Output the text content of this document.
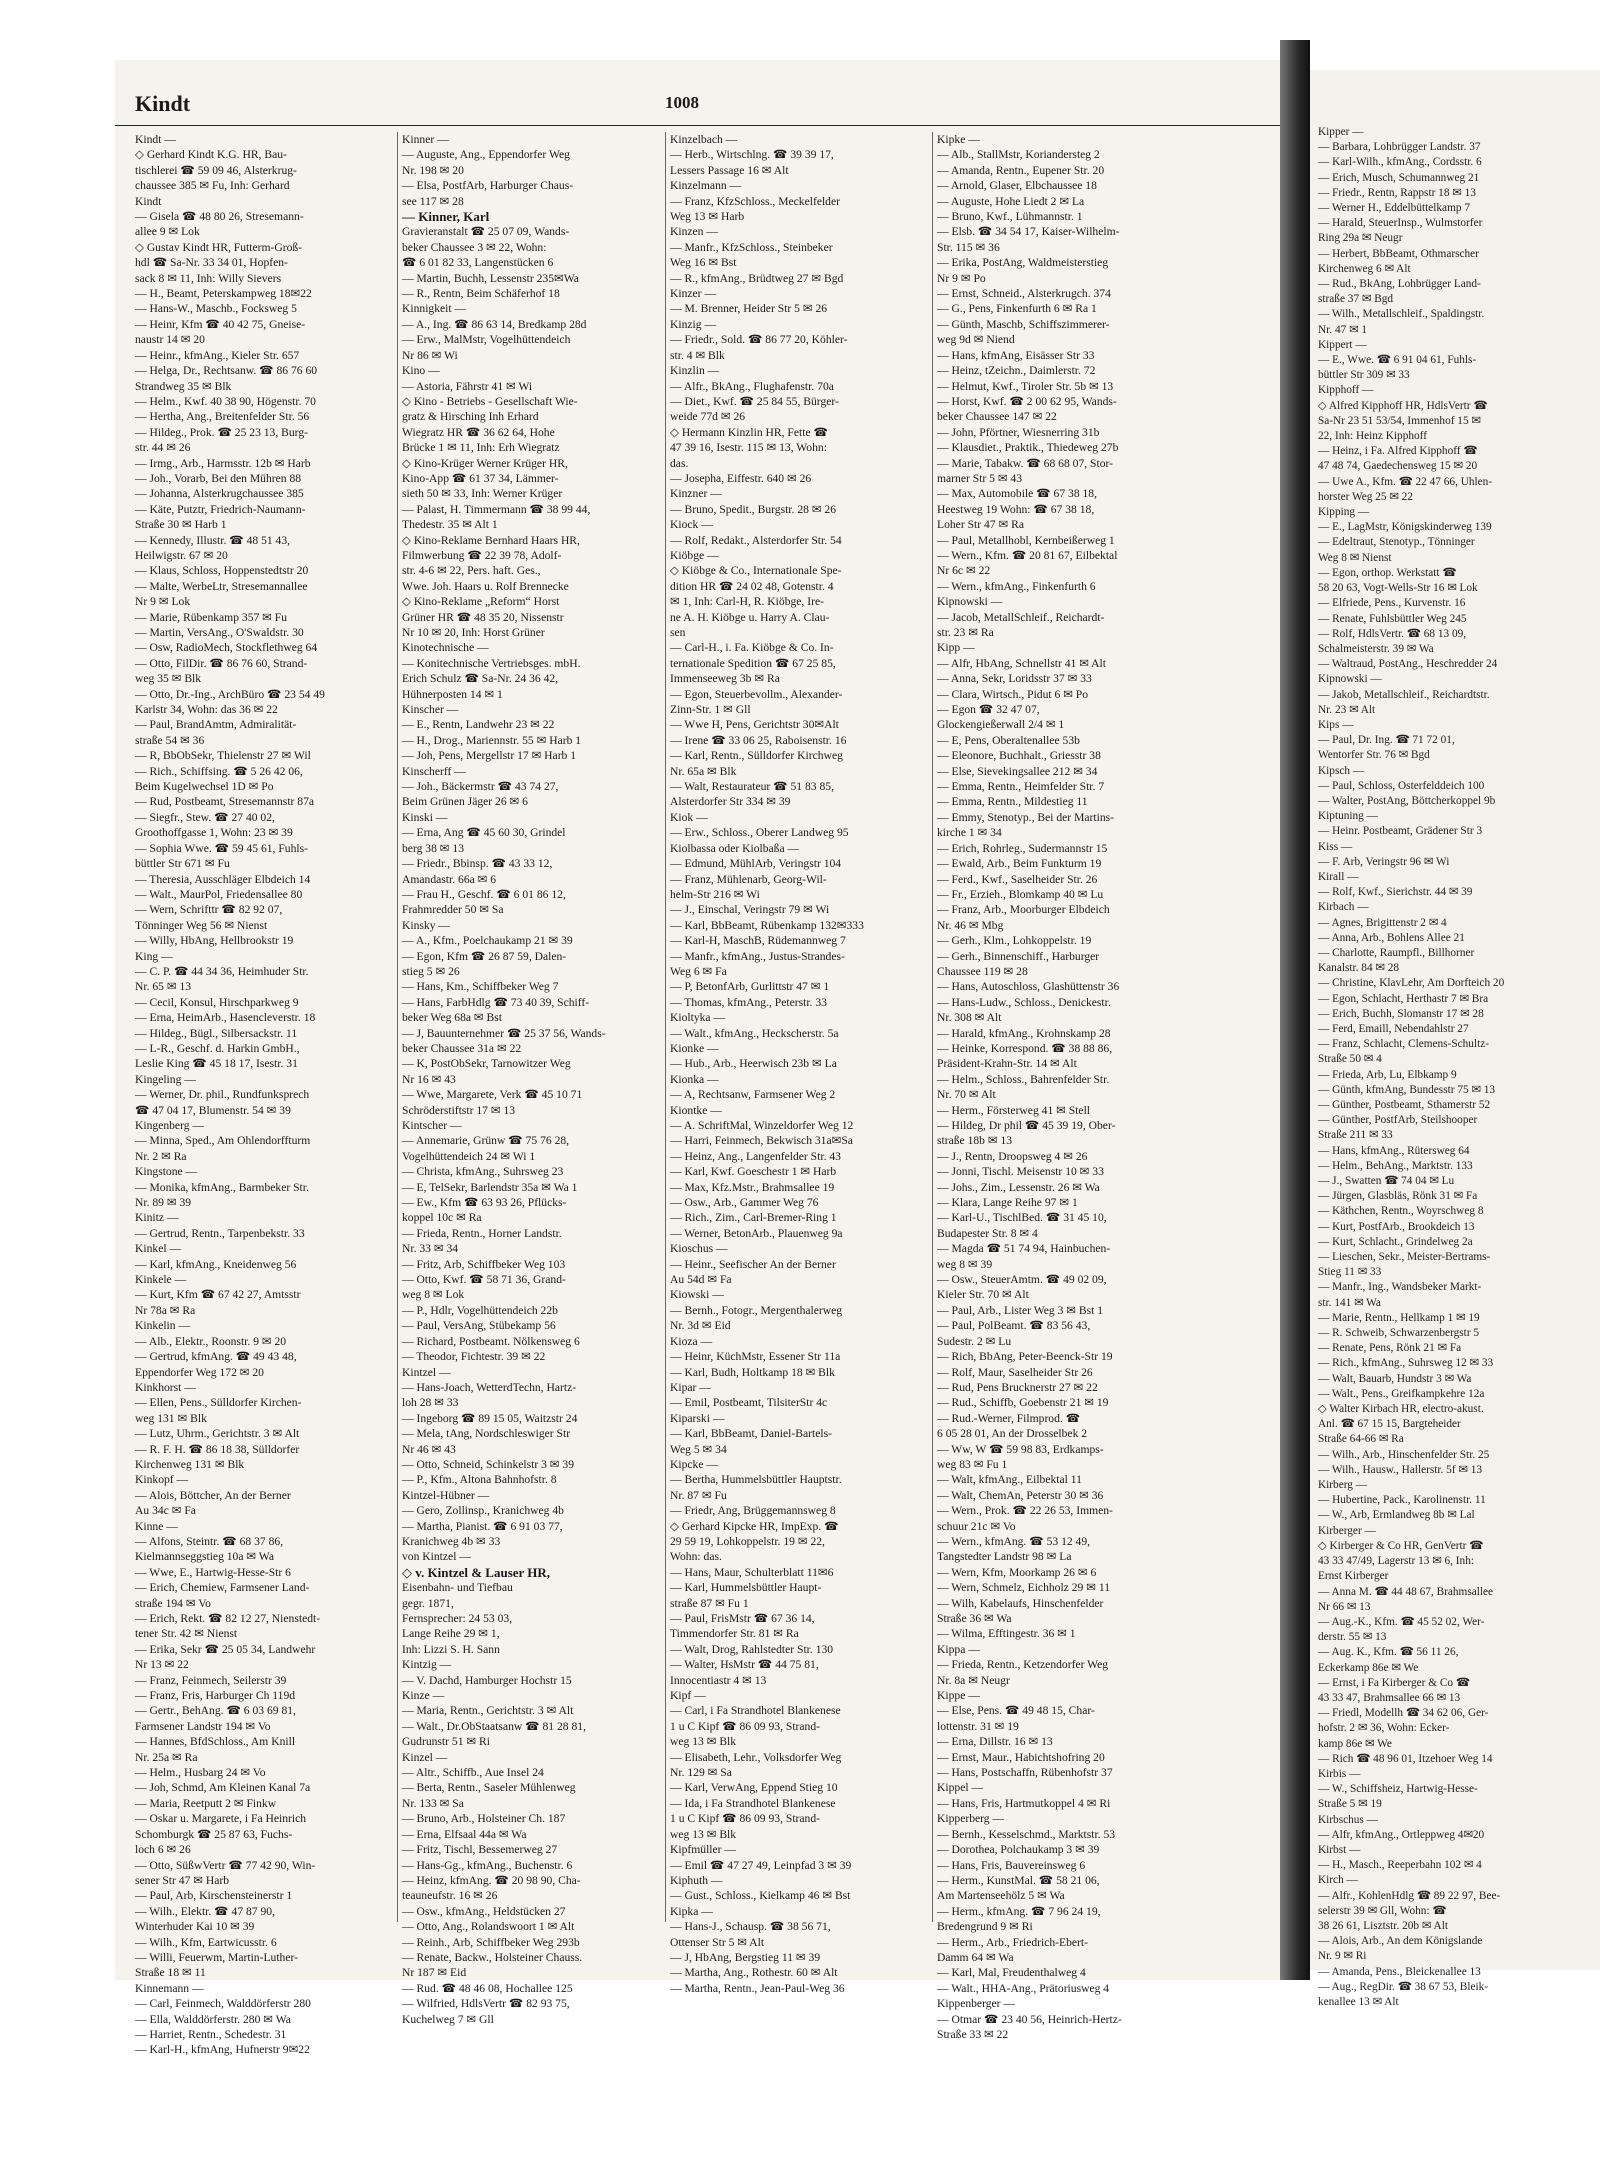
Kindt	1008
Kindt —
◇ Gerhard Kindt K.G. HR, Bau-
tischlerei ☎ 59 09 46, Alsterkrug-
chaussee 385 ✉ Fu, Inh: Gerhard
Kindt
— Gisela ☎ 48 80 26, Stresemann-
allee 9 ✉ Lok
◇ Gustav Kindt HR, Futterm-Groß-
hdl ☎ Sa-Nr. 33 34 01, Hopfen-
sack 8 ✉ 11, Inh: Willy Sievers
— H., Beamt, Peterskampweg 18✉22
— Hans-W., Maschb., Focksweg 5
— Heinr, Kfm ☎ 40 42 75, Gneise-
naustr 14 ✉ 20
— Heinr., kfmAng., Kieler Str. 657
— Helga, Dr., Rechtsanw. ☎ 86 76 60
Strandweg 35 ✉ Blk
— Helm., Kwf. 40 38 90, Högenstr. 70
— Hertha, Ang., Breitenfelder Str. 56
— Hildeg., Prok. ☎ 25 23 13, Burg-
str. 44 ✉ 26
— Irmg., Arb., Harmsstr. 12b ✉ Harb
— Joh., Vorarb, Bei den Mühren 88
— Johanna, Alsterkrugchaussee 385
— Käte, Putztr, Friedrich-Naumann-
Straße 30 ✉ Harb 1
— Kennedy, Illustr. ☎ 48 51 43,
Heilwigstr. 67 ✉ 20
— Klaus, Schloss, Hoppenstedtstr 20
— Malte, WerbeLtr, Stresemannallee
Nr 9 ✉ Lok
— Marie, Rübenkamp 357 ✉ Fu
— Martin, VersAng., O'Swaldstr. 30
— Osw, RadioMech, Stockflethweg 64
— Otto, FilDir. ☎ 86 76 60, Strand-
weg 35 ✉ Blk
— Otto, Dr.-Ing., ArchBüro ☎ 23 54 49
Karlstr 34, Wohn: das 36 ✉ 22
— Paul, BrandAmtm, Admiralität-
straße 54 ✉ 36
— R, BbObSekr, Thielenstr 27 ✉ Wil
— Rich., Schiffsing. ☎ 5 26 42 06,
Beim Kugelwechsel 1D ✉ Po
— Rud, Postbeamt, Stresemannstr 87a
— Siegfr., Stew. ☎ 27 40 02,
Groothoffgasse 1, Wohn: 23 ✉ 39
— Sophia Wwe. ☎ 59 45 61, Fuhls-
büttler Str 671 ✉ Fu
— Theresia, Ausschläger Elbdeich 14
— Walt., MaurPol, Friedensallee 80
— Wern, Schrifttr ☎ 82 92 07,
Tönninger Weg 56 ✉ Nienst
— Willy, HbAng, Hellbrookstr 19
King —
— C. P. ☎ 44 34 36, Heimhuder Str.
Nr. 65 ✉ 13
— Cecil, Konsul, Hirschparkweg 9
— Erna, HeimArb., Hasencleverstr. 18
— Hildeg., Bügl., Silbersackstr. 11
— L-R., Geschf. d. Harkin GmbH.,
Leslie King ☎ 45 18 17, Isestr. 31
Kingeling —
— Werner, Dr. phil., Rundfunksprech
☎ 47 04 17, Blumenstr. 54 ✉ 39
Kingenberg —
— Minna, Sped., Am Ohlendorffturm
Nr. 2 ✉ Ra
Kingstone —
— Monika, kfmAng., Barmbeker Str.
Nr. 89 ✉ 39
Kinitz —
— Gertrud, Rentn., Tarpenbekstr. 33
Kinkel —
— Karl, kfmAng., Kneidenweg 56
Kinkele —
— Kurt, Kfm ☎ 67 42 27, Amtsstr
Nr 78a ✉ Ra
Kinkelin —
— Alb., Elektr., Roonstr. 9 ✉ 20
— Gertrud, kfmAng. ☎ 49 43 48,
Eppendorfer Weg 172 ✉ 20
Kinkhorst —
— Ellen, Pens., Sülldorfer Kirchen-
weg 131 ✉ Blk
— Lutz, Uhrm., Gerichtstr. 3 ✉ Alt
— R. F. H. ☎ 86 18 38, Sülldorfer
Kirchenweg 131 ✉ Blk
Kinkopf —
— Alois, Böttcher, An der Berner
Au 34c ✉ Fa
Kinne —
— Alfons, Steintr. ☎ 68 37 86,
Kielmannseggstieg 10a ✉ Wa
— Wwe, E., Hartwig-Hesse-Str 6
— Erich, Chemiew, Farmsener Land-
straße 194 ✉ Vo
— Erich, Rekt. ☎ 82 12 27, Nienstedt-
tener Str. 42 ✉ Nienst
— Erika, Sekr ☎ 25 05 34, Landwehr
Nr 13 ✉ 22
— Franz, Feinmech, Seilerstr 39
— Franz, Fris, Harburger Ch 119d
— Gertr., BehAng. ☎ 6 03 69 81,
Farmsener Landstr 194 ✉ Vo
— Hannes, BfdSchloss., Am Knill
Nr. 25a ✉ Ra
— Helm., Husbarg 24 ✉ Vo
— Joh, Schmd, Am Kleinen Kanal 7a
— Maria, Reetputt 2 ✉ Finkw
— Oskar u. Margarete, i Fa Heinrich
Schomburgk ☎ 25 87 63, Fuchs-
loch 6 ✉ 26
— Otto, SüßwVertr ☎ 77 42 90, Win-
sener Str 47 ✉ Harb
— Paul, Arb, Kirschensteinerstr 1
— Wilh., Elektr. ☎ 47 87 90,
Winterhuder Kai 10 ✉ 39
— Wilh., Kfm, Eartwicusstr. 6
— Willi, Feuerwm, Martin-Luther-
Straße 18 ✉ 11
Kinnemann —
— Carl, Feinmech, Walddörferstr 280
— Ella, Walddörferstr. 280 ✉ Wa
— Harriet, Rentn., Schedestr. 31
— Karl-H., kfmAng, Hufnerstr 9✉22
Kinner —
— Auguste, Ang., Eppendorfer Weg
Nr. 198 ✉ 20
— Elsa, PostfArb, Harburger Chaus-
see 117 ✉ 28
— Kinner, Karl
Gravieranstalt ☎ 25 07 09, Wands-
beker Chaussee 3 ✉ 22, Wohn:
☎ 6 01 82 33, Langenstücken 6
— Martin, Buchh, Lessenstr 235✉Wa
— R., Rentn, Beim Schäferhof 18
Kinnigkeit —
— A., Ing. ☎ 86 63 14, Bredkamp 28d
— Erw., MalMstr, Vogelhüttendeich
Nr 86 ✉ Wi
Kino —
— Astoria, Fährstr 41 ✉ Wi
◇ Kino - Betriebs - Gesellschaft Wie-
gratz & Hirsching Inh Erhard
Wiegratz HR ☎ 36 62 64, Hohe
Brücke 1 ✉ 11, Inh: Erh Wiegratz
◇ Kino-Krüger Werner Krüger HR,
Kino-App ☎ 61 37 34, Lämmer-
sieth 50 ✉ 33, Inh: Werner Krüger
— Palast, H. Timmermann ☎ 38 99 44,
Thedestr. 35 ✉ Alt 1
◇ Kino-Reklame Bernhard Haars HR,
Filmwerbung ☎ 22 39 78, Adolf-
str. 4-6 ✉ 22, Pers. haft. Ges.,
Wwe. Joh. Haars u. Rolf Brennecke
◇ Kino-Reklame „Reform“ Horst
Grüner HR ☎ 48 35 20, Nissenstr
Nr 10 ✉ 20, Inh: Horst Grüner
Kinotechnische —
— Konitechnische Vertriebsges. mbH.
Erich Schulz ☎ Sa-Nr. 24 36 42,
Hühnerposten 14 ✉ 1
Kinscher —
— E., Rentn, Landwehr 23 ✉ 22
— H., Drog., Mariennstr. 55 ✉ Harb 1
— Joh, Pens, Mergellstr 17 ✉ Harb 1
Kinscherff —
— Joh., Bäckermstr ☎ 43 74 27,
Beim Grünen Jäger 26 ✉ 6
Kinski —
— Erna, Ang ☎ 45 60 30, Grindel
berg 38 ✉ 13
— Friedr., Bbinsp. ☎ 43 33 12,
Amandastr. 66a ✉ 6
— Frau H., Geschf. ☎ 6 01 86 12,
Frahmredder 50 ✉ Sa
Kinsky —
— A., Kfm., Poelchaukamp 21 ✉ 39
— Egon, Kfm ☎ 26 87 59, Dalen-
stieg 5 ✉ 26
— Hans, Km., Schiffbeker Weg 7
— Hans, FarbHdlg ☎ 73 40 39, Schiff-
beker Weg 68a ✉ Bst
— J, Bauunternehmer ☎ 25 37 56, Wands-
beker Chaussee 31a ✉ 22
— K, PostObSekr, Tarnowitzer Weg
Nr 16 ✉ 43
— Wwe, Margarete, Verk ☎ 45 10 71
Schröderstiftstr 17 ✉ 13
Kintscher —
— Annemarie, Grünw ☎ 75 76 28,
Vogelhüttendeich 24 ✉ Wi 1
— Christa, kfmAng., Suhrsweg 23
— E, TelSekr, Barlendstr 35a ✉ Wa 1
— Ew., Kfm ☎ 63 93 26, Pflücks-
koppel 10c ✉ Ra
— Frieda, Rentn., Horner Landstr.
Nr. 33 ✉ 34
— Fritz, Arb, Schiffbeker Weg 103
— Otto, Kwf. ☎ 58 71 36, Grand-
weg 8 ✉ Lok
— P., Hdlr, Vogelhüttendeich 22b
— Paul, VersAng, Stübekamp 56
— Richard, Postbeamt. Nölkensweg 6
— Theodor, Fichtestr. 39 ✉ 22
Kintzel —
— Hans-Joach, WetterdTechn, Hartz-
loh 28 ✉ 33
— Ingeborg ☎ 89 15 05, Waitzstr 24
— Mela, tAng, Nordschleswiger Str
Nr 46 ✉ 43
— Otto, Schneid, Schinkelstr 3 ✉ 39
— P., Kfm., Altona Bahnhofstr. 8
Kintzel-Hübner —
— Gero, Zollinsp., Kranichweg 4b
— Martha, Pianist. ☎ 6 91 03 77,
Kranichweg 4b ✉ 33
von Kintzel —
◇ v. Kintzel & Lauser HR,
Eisenbahn- und Tiefbau
gegr. 1871,
Fernsprecher: 24 53 03,
Lange Reihe 29 ✉ 1,
Inh: Lizzi S. H. Sann
Kintzig —
— V. Dachd, Hamburger Hochstr 15
Kinze —
— Maria, Rentn., Gerichtstr. 3 ✉ Alt
— Walt., Dr.ObStaatsanw ☎ 81 28 81,
Gudrunstr 51 ✉ Ri
Kinzel —
— Altr., Schiffb., Aue Insel 24
— Berta, Rentn., Saseler Mühlenweg
Nr. 133 ✉ Sa
— Bruno, Arb., Holsteiner Ch. 187
— Erna, Elfsaal 44a ✉ Wa
— Fritz, Tischl, Bessemerweg 27
— Hans-Gg., kfmAng., Buchenstr. 6
— Heinz, kfmAng. ☎ 20 98 90, Cha-
teauneufstr. 16 ✉ 26
— Osw., kfmAng., Heldstücken 27
— Otto, Ang., Rolandswoort 1 ✉ Alt
— Reinh., Arb, Schiffbeker Weg 293b
— Renate, Backw., Holsteiner Chauss.
Nr 187 ✉ Eid
— Rud. ☎ 48 46 08, Hochallee 125
— Wilfried, HdlsVertr ☎ 82 93 75,
Kuchelweg 7 ✉ Gll
Kinzelbach —
— Herb., Wirtschlng. ☎ 39 39 17,
Lessers Passage 16 ✉ Alt
Kinzelmann —
— Franz, KfzSchloss., Meckelfelder
Weg 13 ✉ Harb
Kinzen —
— Manfr., KfzSchloss., Steinbeker
Weg 16 ✉ Bst
— R., kfmAng., Brüdtweg 27 ✉ Bgd
Kinzer —
— M. Brenner, Heider Str 5 ✉ 26
Kinzig —
— Friedr., Sold. ☎ 86 77 20, Köhler-
str. 4 ✉ Blk
Kinzlin —
— Alfr., BkAng., Flughafenstr. 70a
— Diet., Kwf. ☎ 25 84 55, Bürger-
weide 77d ✉ 26
◇ Hermann Kinzlin HR, Fette ☎
47 39 16, Isestr. 115 ✉ 13, Wohn:
das.
— Josepha, Eiffestr. 640 ✉ 26
Kinzner —
— Bruno, Spedit., Burgstr. 28 ✉ 26
Kiock —
— Rolf, Redakt., Alsterdorfer Str. 54
Kiöbge —
◇ Kiöbge & Co., Internationale Spe-
dition HR ☎ 24 02 48, Gotenstr. 4
✉ 1, Inh: Carl-H, R. Kiöbge, Ire-
ne A. H. Kiöbge u. Harry A. Clau-
sen
— Carl-H., i. Fa. Kiöbge & Co. In-
ternationale Spedition ☎ 67 25 85,
Immenseeweg 3b ✉ Ra
— Egon, Steuerbevollm., Alexander-
Zinn-Str. 1 ✉ Gll
— Wwe H, Pens, Gerichtstr 30✉Alt
— Irene ☎ 33 06 25, Raboisenstr. 16
— Karl, Rentn., Sülldorfer Kirchweg
Nr. 65a ✉ Blk
— Walt, Restaurateur ☎ 51 83 85,
Alsterdorfer Str 334 ✉ 39
Kiok —
— Erw., Schloss., Oberer Landweg 95
Kiolbassa oder Kiolbaßa —
— Edmund, MühlArb, Veringstr 104
— Franz, Mühlenarb, Georg-Wil-
helm-Str 216 ✉ Wi
— J., Einschal, Veringstr 79 ✉ Wi
— Karl, BbBeamt, Rübenkamp 132✉333
— Karl-H, MaschB, Rüdemannweg 7
— Manfr., kfmAng., Justus-Strandes-
Weg 6 ✉ Fa
— P, BetonfArb, Gurlittstr 47 ✉ 1
— Thomas, kfmAng., Peterstr. 33
Kioltyka —
— Walt., kfmAng., Heckscherstr. 5a
Kionke —
— Hub., Arb., Heerwisch 23b ✉ La
Kionka —
— A, Rechtsanw, Farmsener Weg 2
Kiontke —
— A. SchriftMal, Winzeldorfer Weg 12
— Harri, Feinmech, Bekwisch 31a✉Sa
— Heinz, Ang., Langenfelder Str. 43
— Karl, Kwf. Goeschestr 1 ✉ Harb
— Max, Kfz.Mstr., Brahmsallee 19
— Osw., Arb., Gammer Weg 76
— Rich., Zim., Carl-Bremer-Ring 1
— Werner, BetonArb., Plauenweg 9a
Kioschus —
— Heinr., Seefischer An der Berner
Au 54d ✉ Fa
Kiowski —
— Bernh., Fotogr., Mergenthalerweg
Nr. 3d ✉ Eid
Kioza —
— Heinr, KüchMstr, Essener Str 11a
— Karl, Budh, Holtkamp 18 ✉ Blk
Kipar —
— Emil, Postbeamt, TilsiterStr 4c
Kiparski —
— Karl, BbBeamt, Daniel-Bartels-
Weg 5 ✉ 34
Kipcke —
— Bertha, Hummelsbüttler Hauptstr.
Nr. 87 ✉ Fu
— Friedr, Ang, Brüggemannsweg 8
◇ Gerhard Kipcke HR, ImpExp. ☎
29 59 19, Lohkoppelstr. 19 ✉ 22,
Wohn: das.
— Hans, Maur, Schulterblatt 11✉6
— Karl, Hummelsbüttler Haupt-
straße 87 ✉ Fu 1
— Paul, FrisMstr ☎ 67 36 14,
Timmendorfer Str. 81 ✉ Ra
— Walt, Drog, Rahlstedter Str. 130
— Walter, HsMstr ☎ 44 75 81,
Innocentiastr 4 ✉ 13
Kipf —
— Carl, i Fa Strandhotel Blankenese
1 u C Kipf ☎ 86 09 93, Strand-
weg 13 ✉ Blk
— Elisabeth, Lehr., Volksdorfer Weg
Nr. 129 ✉ Sa
— Karl, VerwAng, Eppend Stieg 10
— Ida, i Fa Strandhotel Blankenese
1 u C Kipf ☎ 86 09 93, Strand-
weg 13 ✉ Blk
Kipfmüller —
— Emil ☎ 47 27 49, Leinpfad 3 ✉ 39
Kiphuth —
— Gust., Schloss., Kielkamp 46 ✉ Bst
Kipka —
— Hans-J., Schausp. ☎ 38 56 71,
Ottenser Str 5 ✉ Alt
— J, HbAng, Bergstieg 11 ✉ 39
— Martha, Ang., Rothestr. 60 ✉ Alt
— Martha, Rentn., Jean-Paul-Weg 36
Kipke —
— Alb., StallMstr, Koriandersteg 2
— Amanda, Rentn., Eupener Str. 20
— Arnold, Glaser, Elbchaussee 18
— Auguste, Hohe Liedt 2 ✉ La
— Bruno, Kwf., Lühmannstr. 1
— Elsb. ☎ 34 54 17, Kaiser-Wilhelm-
Str. 115 ✉ 36
— Erika, PostAng, Waldmeisterstieg
Nr 9 ✉ Po
— Ernst, Schneid., Alsterkrugch. 374
— G., Pens, Finkenfurth 6 ✉ Ra 1
— Günth, Maschb, Schiffszimmerer-
weg 9d ✉ Niend
— Hans, kfmAng, Eisässer Str 33
— Heinz, tZeichn., Daimlerstr. 72
— Helmut, Kwf., Tiroler Str. 5b ✉ 13
— Horst, Kwf. ☎ 2 00 62 95, Wands-
beker Chaussee 147 ✉ 22
— John, Pförtner, Wiesnerring 31b
— Klausdiet., Praktik., Thiedeweg 27b
— Marie, Tabakw. ☎ 68 68 07, Stor-
marner Str 5 ✉ 43
— Max, Automobile ☎ 67 38 18,
Heestweg 19 Wohn: ☎ 67 38 18,
Loher Str 47 ✉ Ra
— Paul, Metallhobl, Kernbeißerweg 1
— Wern., Kfm. ☎ 20 81 67, Eilbektal
Nr 6c ✉ 22
— Wern., kfmAng., Finkenfurth 6
Kipnowski —
— Jacob, MetallSchleif., Reichardt-
str. 23 ✉ Ra
Kipp —
— Alfr, HbAng, Schnellstr 41 ✉ Alt
— Anna, Sekr, Loridsstr 37 ✉ 33
— Clara, Wirtsch., Pidut 6 ✉ Po
— Egon ☎ 32 47 07,
Glockengießerwall 2/4 ✉ 1
— E, Pens, Oberaltenallee 53b
— Eleonore, Buchhalt., Griesstr 38
— Else, Sievekingsallee 212 ✉ 34
— Emma, Rentn., Heimfelder Str. 7
— Emma, Rentn., Mildestieg 11
— Emmy, Stenotyp., Bei der Martins-
kirche 1 ✉ 34
— Erich, Rohrleg., Sudermannstr 15
— Ewald, Arb., Beim Funkturm 19
— Ferd., Kwf., Saselheider Str. 26
— Fr., Erzieh., Blomkamp 40 ✉ Lu
— Franz, Arb., Moorburger Elbdeich
Nr. 46 ✉ Mbg
— Gerh., Klm., Lohkoppelstr. 19
— Gerh., Binnenschiff., Harburger
Chaussee 119 ✉ 28
— Hans, Autoschloss, Glashüttenstr 36
— Hans-Ludw., Schloss., Denickestr.
Nr. 308 ✉ Alt
— Harald, kfmAng., Krohnskamp 28
— Heinke, Korrespond. ☎ 38 88 86,
Präsident-Krahn-Str. 14 ✉ Alt
— Helm., Schloss., Bahrenfelder Str.
Nr. 70 ✉ Alt
— Herm., Försterweg 41 ✉ Stell
— Hildeg, Dr phil ☎ 45 39 19, Ober-
straße 18b ✉ 13
— J., Rentn, Droopsweg 4 ✉ 26
— Jonni, Tischl. Meisenstr 10 ✉ 33
— Johs., Zim., Lessenstr. 26 ✉ Wa
— Klara, Lange Reihe 97 ✉ 1
— Karl-U., TischlBed. ☎ 31 45 10,
Budapester Str. 8 ✉ 4
— Magda ☎ 51 74 94, Hainbuchen-
weg 8 ✉ 39
— Osw., SteuerAmtm. ☎ 49 02 09,
Kieler Str. 70 ✉ Alt
— Paul, Arb., Lister Weg 3 ✉ Bst 1
— Paul, PolBeamt. ☎ 83 56 43,
Sudestr. 2 ✉ Lu
— Rich, BbAng, Peter-Beenck-Str 19
— Rolf, Maur, Saselheider Str 26
— Rud, Pens Brucknerstr 27 ✉ 22
— Rud., Schiffb, Goebenstr 21 ✉ 19
— Rud.-Werner, Filmprod. ☎
6 05 28 01, An der Drosselbek 2
— Ww, W ☎ 59 98 83, Erdkamps-
weg 83 ✉ Fu 1
— Walt, kfmAng., Eilbektal 11
— Walt, ChemAn, Peterstr 30 ✉ 36
— Wern., Prok. ☎ 22 26 53, Immen-
schuur 21c ✉ Vo
— Wern., kfmAng. ☎ 53 12 49,
Tangstedter Landstr 98 ✉ La
— Wern, Kfm, Moorkamp 26 ✉ 6
— Wern, Schmelz, Eichholz 29 ✉ 11
— Wilh, Kabelaufs, Hinschenfelder
Straße 36 ✉ Wa
— Wilma, Efftingestr. 36 ✉ 1
Kippa —
— Frieda, Rentn., Ketzendorfer Weg
Nr. 8a ✉ Neugr
Kippe —
— Else, Pens. ☎ 49 48 15, Char-
lottenstr. 31 ✉ 19
— Erna, Dillstr. 16 ✉ 13
— Ernst, Maur., Habichtshofring 20
— Hans, Postschaffn, Rübenhofstr 37
Kippel —
— Hans, Fris, Hartmutkoppel 4 ✉ Ri
Kipperberg —
— Bernh., Kesselschmd., Marktstr. 53
— Dorothea, Polchaukamp 3 ✉ 39
— Hans, Fris, Bauvereinsweg 6
— Herm., KunstMal. ☎ 58 21 06,
Am Martenseehölz 5 ✉ Wa
— Herm., kfmAng. ☎ 7 96 24 19,
Bredengrund 9 ✉ Ri
— Herm., Arb., Friedrich-Ebert-
Damm 64 ✉ Wa
— Karl, Mal, Freudenthalweg 4
— Walt., HHA-Ang., Prätoriusweg 4
Kippenberger —
— Otmar ☎ 23 40 56, Heinrich-Hertz-
Straße 33 ✉ 22
Kipper —
— Barbara, Lohbrügger Landstr. 37
— Karl-Wilh., kfmAng., Cordsstr. 6
— Erich, Musch, Schumannweg 21
— Friedr., Rentn, Rappstr 18 ✉ 13
— Werner H., Eddelbüttelkamp 7
— Harald, SteuerInsp., Wulmstorfer
Ring 29a ✉ Neugr
— Herbert, BbBeamt, Othmarscher
Kirchenweg 6 ✉ Alt
— Rud., BkAng, Lohbrügger Land-
straße 37 ✉ Bgd
— Wilh., Metallschleif., Spaldingstr.
Nr. 47 ✉ 1
Kippert —
— E., Wwe. ☎ 6 91 04 61, Fuhls-
büttler Str 309 ✉ 33
Kipphoff —
◇ Alfred Kipphoff HR, HdlsVertr ☎
Sa-Nr 23 51 53/54, Immenhof 15 ✉
22, Inh: Heinz Kipphoff
— Heinz, i Fa. Alfred Kipphoff ☎
47 48 74, Gaedechensweg 15 ✉ 20
— Uwe A., Kfm. ☎ 22 47 66, Uhlen-
horster Weg 25 ✉ 22
Kipping —
— E., LagMstr, Königskinderweg 139
— Edeltraut, Stenotyp., Tönninger
Weg 8 ✉ Nienst
— Egon, orthop. Werkstatt ☎
58 20 63, Vogt-Wells-Str 16 ✉ Lok
— Elfriede, Pens., Kurvenstr. 16
— Renate, Fuhlsbüttler Weg 245
— Rolf, HdlsVertr. ☎ 68 13 09,
Schalmeisterstr. 39 ✉ Wa
— Waltraud, PostAng., Heschredder 24
Kipnowski —
— Jakob, Metallschleif., Reichardtstr.
Nr. 23 ✉ Alt
Kips —
— Paul, Dr. Ing. ☎ 71 72 01,
Wentorfer Str. 76 ✉ Bgd
Kipsch —
— Paul, Schloss, Osterfelddeich 100
— Walter, PostAng, Böttcherkoppel 9b
Kiptuning —
— Heinr. Postbeamt, Grädener Str 3
Kiss —
— F. Arb, Veringstr 96 ✉ Wi
Kirall —
— Rolf, Kwf., Sierichstr. 44 ✉ 39
Kirbach —
— Agnes, Brigittenstr 2 ✉ 4
— Anna, Arb., Bohlens Allee 21
— Charlotte, Raumpfl., Billhorner
Kanalstr. 84 ✉ 28
— Christine, KlavLehr, Am Dorfteich 20
— Egon, Schlacht, Herthastr 7 ✉ Bra
— Erich, Buchh, Slomanstr 17 ✉ 28
— Ferd, Emaill, Nebendahlstr 27
— Franz, Schlacht, Clemens-Schultz-
Straße 50 ✉ 4
— Frieda, Arb, Lu, Elbkamp 9
— Günth, kfmAng, Bundesstr 75 ✉ 13
— Günther, Postbeamt, Sthamerstr 52
— Günther, PostfArb, Steilshooper
Straße 211 ✉ 33
— Hans, kfmAng., Rütersweg 64
— Helm., BehAng., Marktstr. 133
— J., Swatten ☎ 74 04 ✉ Lu
— Jürgen, Glasbläs, Rönk 31 ✉ Fa
— Käthchen, Rentn., Woyrschweg 8
— Kurt, PostfArb., Brookdeich 13
— Kurt, Schlacht., Grindelweg 2a
— Lieschen, Sekr., Meister-Bertrams-
Stieg 11 ✉ 33
— Manfr., Ing., Wandsbeker Markt-
str. 141 ✉ Wa
— Marie, Rentn., Hellkamp 1 ✉ 19
— R. Schweib, Schwarzenbergstr 5
— Renate, Pens, Rönk 21 ✉ Fa
— Rich., kfmAng., Suhrsweg 12 ✉ 33
— Walt, Bauarb, Hundstr 3 ✉ Wa
— Walt., Pens., Greifkampkehre 12a
◇ Walter Kirbach HR, electro-akust.
Anl. ☎ 67 15 15, Bargteheider
Straße 64-66 ✉ Ra
— Wilh., Arb., Hinschenfelder Str. 25
— Wilh., Hausw., Hallerstr. 5f ✉ 13
Kirberg —
— Hubertine, Pack., Karolinenstr. 11
— W., Arb, Ermlandweg 8b ✉ Lal
Kirberger —
◇ Kirberger & Co HR, GenVertr ☎
43 33 47/49, Lagerstr 13 ✉ 6, Inh:
Ernst Kirberger
— Anna M. ☎ 44 48 67, Brahmsallee
Nr 66 ✉ 13
— Aug.-K., Kfm. ☎ 45 52 02, Wer-
derstr. 55 ✉ 13
— Aug. K., Kfm. ☎ 56 11 26,
Eckerkamp 86e ✉ We
— Ernst, i Fa Kirberger & Co ☎
43 33 47, Brahmsallee 66 ✉ 13
— Friedl, Modellh ☎ 34 62 06, Ger-
hofstr. 2 ✉ 36, Wohn: Ecker-
kamp 86e ✉ We
— Rich ☎ 48 96 01, Itzehoer Weg 14
Kirbis —
— W., Schiffsheiz, Hartwig-Hesse-
Straße 5 ✉ 19
Kirbschus —
— Alfr, kfmAng., Ortleppweg 4✉20
Kirbst —
— H., Masch., Reeperbahn 102 ✉ 4
Kirch —
— Alfr., KohlenHdlg ☎ 89 22 97, Bee-
selerstr 39 ✉ Gll, Wohn: ☎
38 26 61, Lisztstr. 20b ✉ Alt
— Alois, Arb., An dem Königslande
Nr. 9 ✉ Ri
— Amanda, Pens., Bleickenallee 13
— Aug., RegDir. ☎ 38 67 53, Bleik-
kenallee 13 ✉ Alt
